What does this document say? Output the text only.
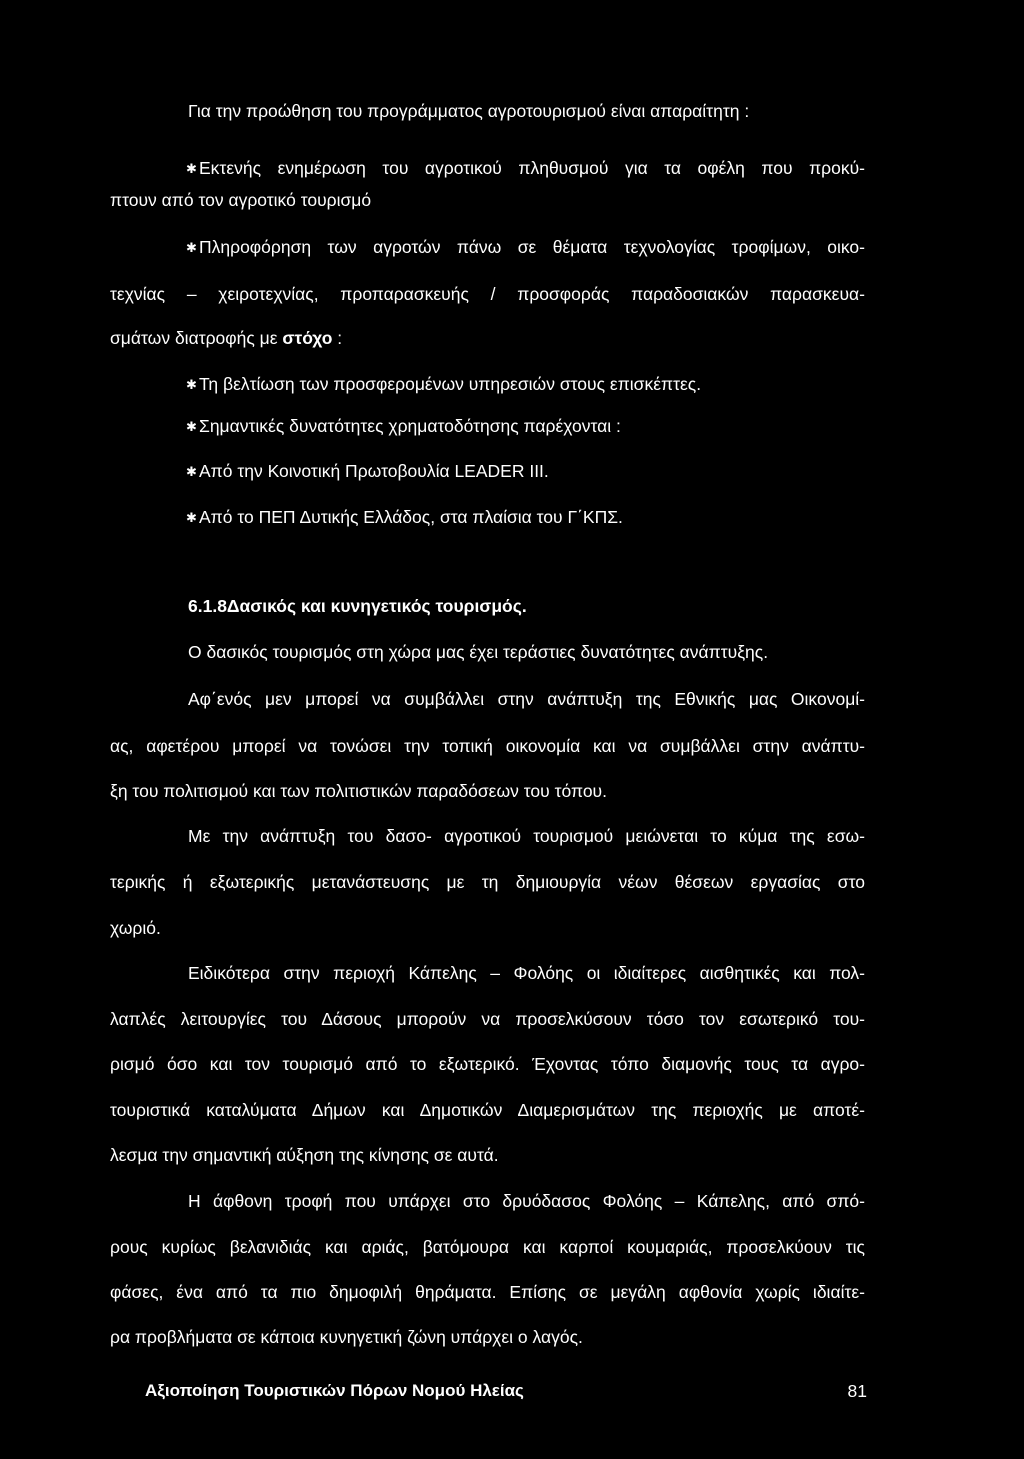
Για την προώθηση του προγράμματος αγροτουρισμού είναι απαραίτητη :

✱ Εκτενής ενημέρωση του αγροτικού πληθυσμού για τα οφέλη που προκύ-

πτουν από τον αγροτικό τουρισμό

✱ Πληροφόρηση των αγροτών πάνω σε θέματα τεχνολογίας τροφίμων, οικο-

τεχνίας – χειροτεχνίας, προπαρασκευής / προσφοράς παραδοσιακών παρασκευα-

σμάτων διατροφής με στόχο :

✱ Τη βελτίωση των προσφερομένων υπηρεσιών στους επισκέπτες.

✱ Σημαντικές δυνατότητες χρηματοδότησης παρέχονται :

✱ Από την Κοινοτική Πρωτοβουλία LEADER III.

✱ Από το ΠΕΠ Δυτικής Ελλάδος, στα πλαίσια του Γ΄ΚΠΣ.

6.1.8Δασικός και κυνηγετικός τουρισμός.

Ο δασικός τουρισμός στη χώρα μας έχει τεράστιες δυνατότητες ανάπτυξης.

Αφ΄ενός μεν μπορεί να συμβάλλει στην ανάπτυξη της Εθνικής μας Οικονομί-

ας, αφετέρου μπορεί να τονώσει την τοπική οικονομία και να συμβάλλει στην ανάπτυ-

ξη του πολιτισμού και των πολιτιστικών παραδόσεων του τόπου.

Με την ανάπτυξη του δασο- αγροτικού τουρισμού μειώνεται το κύμα της εσω-

τερικής ή εξωτερικής μετανάστευσης με τη δημιουργία νέων θέσεων εργασίας στο

χωριό.

Ειδικότερα στην περιοχή Κάπελης – Φολόης οι ιδιαίτερες αισθητικές και πολ-

λαπλές λειτουργίες του Δάσους μπορούν να προσελκύσουν τόσο τον εσωτερικό του-

ρισμό όσο και τον τουρισμό από το εξωτερικό. Έχοντας τόπο διαμονής τους τα αγρο-

τουριστικά καταλύματα Δήμων και Δημοτικών Διαμερισμάτων της περιοχής με αποτέ-

λεσμα την σημαντική αύξηση της κίνησης σε αυτά.

Η άφθονη τροφή που υπάρχει στο δρυόδασος Φολόης – Κάπελης, από σπό-

ρους κυρίως βελανιδιάς και αριάς, βατόμουρα και καρποί κουμαριάς, προσελκύουν τις

φάσες, ένα από τα πιο δημοφιλή θηράματα. Επίσης σε μεγάλη αφθονία χωρίς ιδιαίτε-

ρα προβλήματα σε κάποια κυνηγετική ζώνη υπάρχει ο λαγός.

Αξιοποίηση Τουριστικών Πόρων Νομού Ηλείας	81
